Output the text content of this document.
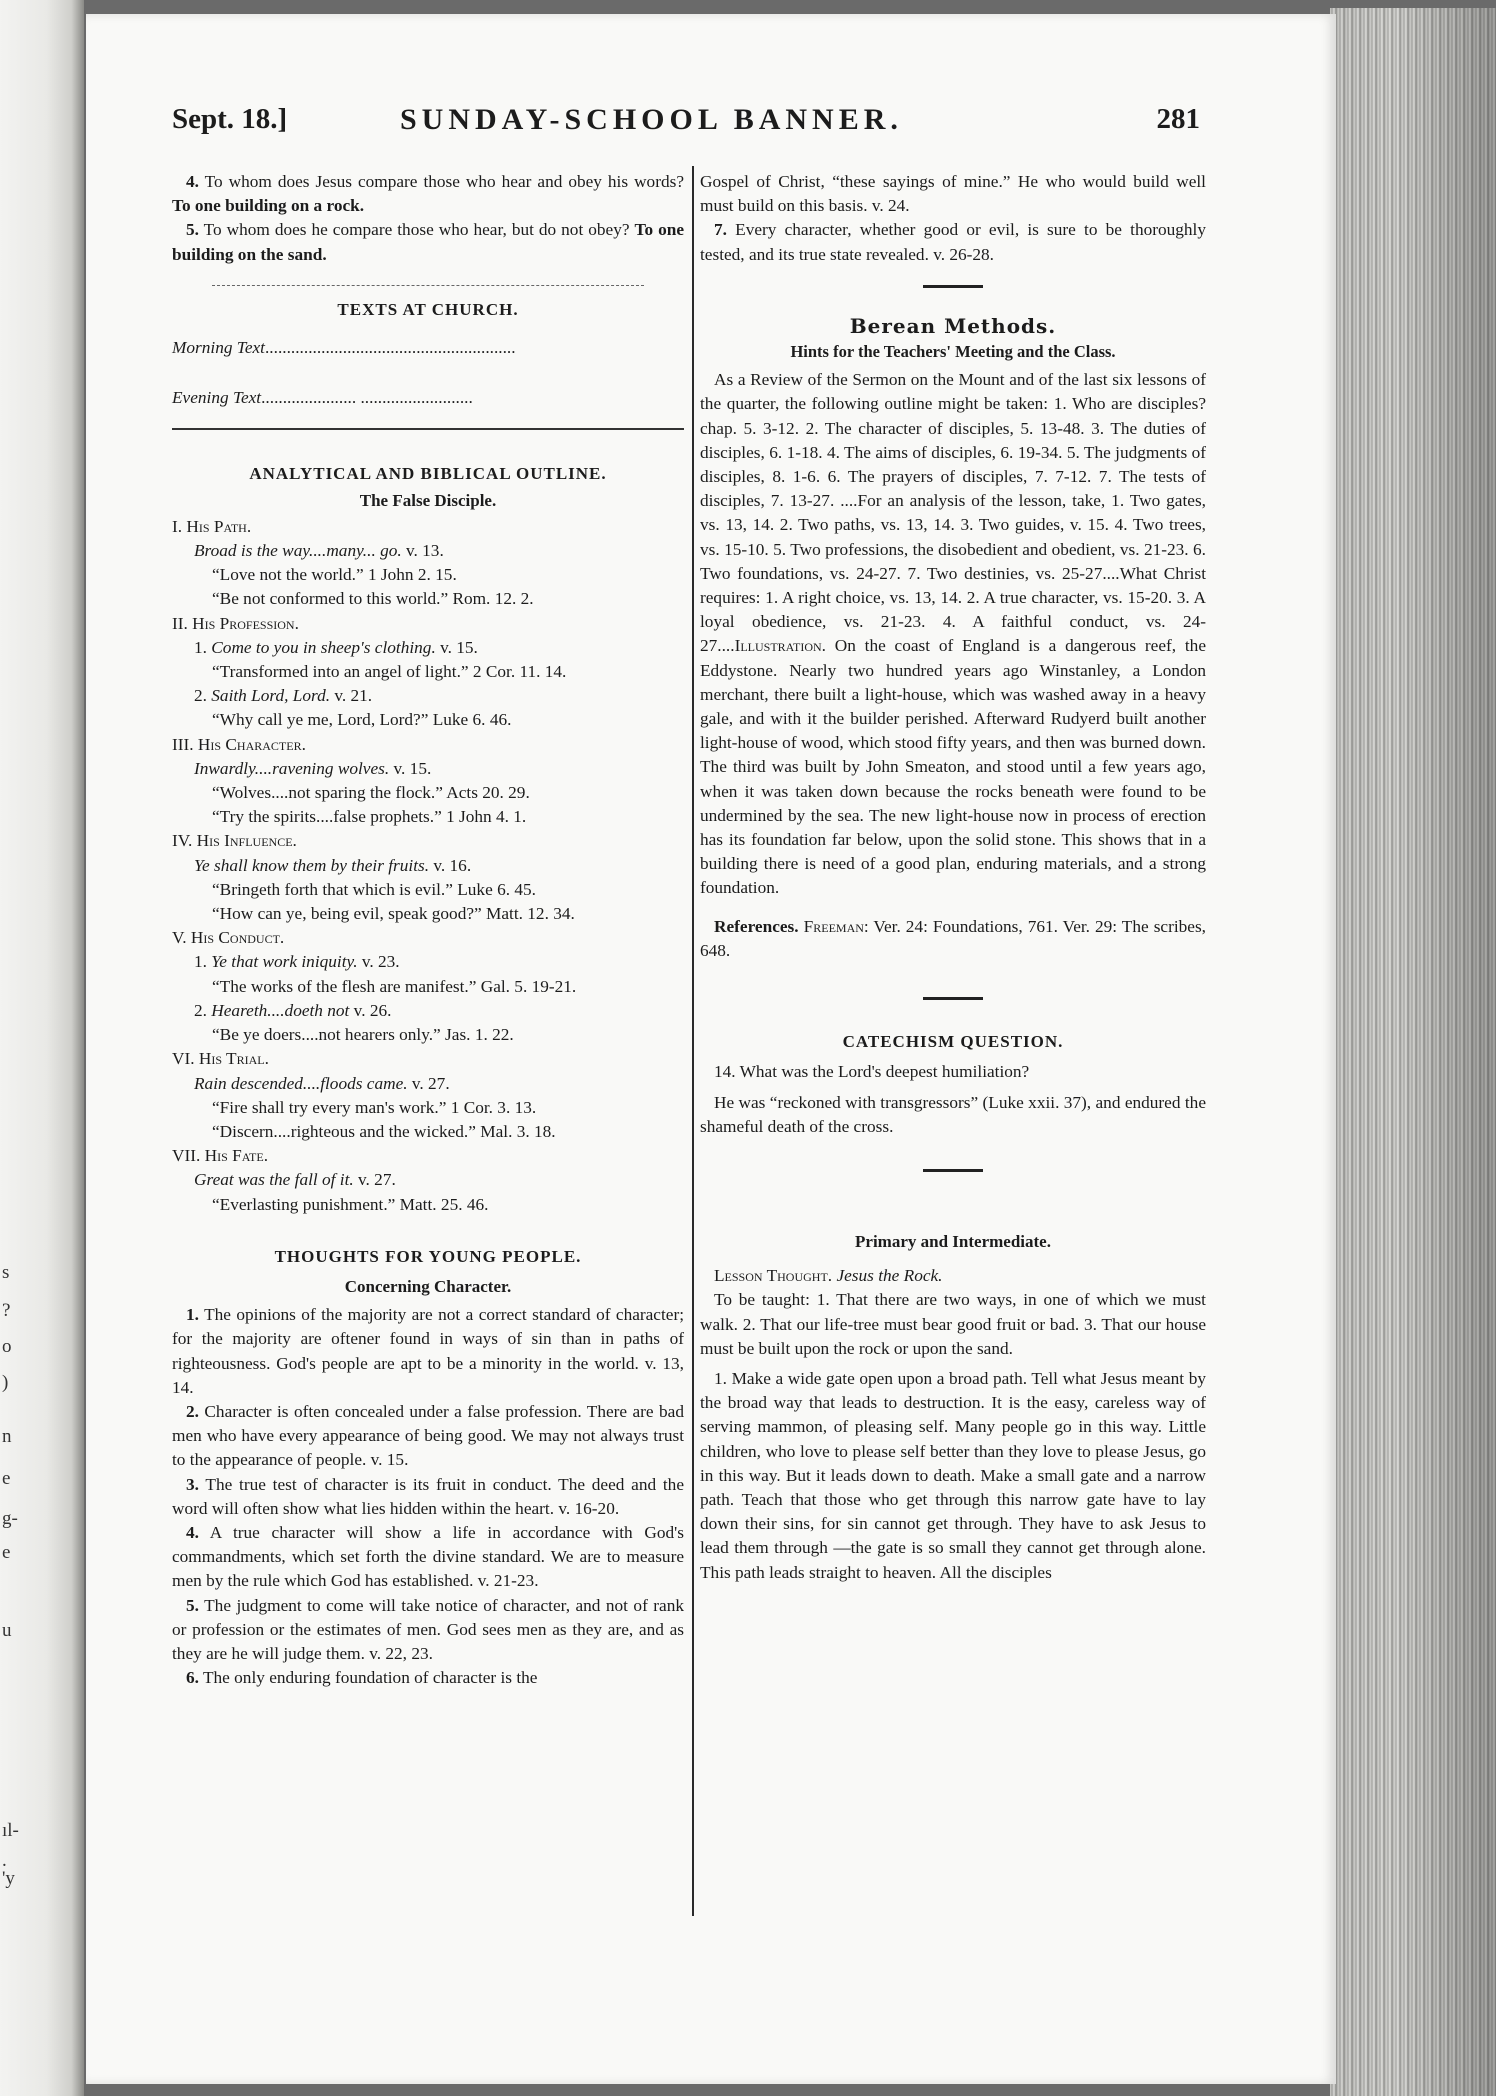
s
?
o
)
n
e
g-
e
u
ıl-
.
'y
Sept. 18.]	SUNDAY-SCHOOL BANNER.	281

4. To whom does Jesus compare those who hear and obey his words? To one building on a rock.

5. To whom does he compare those who hear, but do not obey? To one building on the sand.

TEXTS AT CHURCH.

Morning Text..........................................................

Evening Text...................... ..........................

ANALYTICAL AND BIBLICAL OUTLINE.

The False Disciple.

I. His Path.

Broad is the way....many... go. v. 13.

“Love not the world.” 1 John 2. 15.

“Be not conformed to this world.” Rom. 12. 2.

II. His Profession.

1. Come to you in sheep's clothing. v. 15.

“Transformed into an angel of light.” 2 Cor. 11. 14.

2. Saith Lord, Lord. v. 21.

“Why call ye me, Lord, Lord?” Luke 6. 46.

III. His Character.

Inwardly....ravening wolves. v. 15.

“Wolves....not sparing the flock.” Acts 20. 29.

“Try the spirits....false prophets.” 1 John 4. 1.

IV. His Influence.

Ye shall know them by their fruits. v. 16.

“Bringeth forth that which is evil.” Luke 6. 45.

“How can ye, being evil, speak good?” Matt. 12. 34.

V. His Conduct.

1. Ye that work iniquity. v. 23.

“The works of the flesh are manifest.” Gal. 5. 19-21.

2. Heareth....doeth not v. 26.

“Be ye doers....not hearers only.” Jas. 1. 22.

VI. His Trial.

Rain descended....floods came. v. 27.

“Fire shall try every man's work.” 1 Cor. 3. 13.

“Discern....righteous and the wicked.” Mal. 3. 18.

VII. His Fate.

Great was the fall of it. v. 27.

“Everlasting punishment.” Matt. 25. 46.

THOUGHTS FOR YOUNG PEOPLE.

Concerning Character.

1. The opinions of the majority are not a correct standard of character; for the majority are oftener found in ways of sin than in paths of righteousness. God's people are apt to be a minority in the world. v. 13, 14.

2. Character is often concealed under a false profession. There are bad men who have every appearance of being good. We may not always trust to the appearance of people. v. 15.

3. The true test of character is its fruit in conduct. The deed and the word will often show what lies hidden within the heart. v. 16-20.

4. A true character will show a life in accordance with God's commandments, which set forth the divine standard. We are to measure men by the rule which God has established. v. 21-23.

5. The judgment to come will take notice of character, and not of rank or profession or the estimates of men. God sees men as they are, and as they are he will judge them. v. 22, 23.

6. The only enduring foundation of character is the

Gospel of Christ, “these sayings of mine.” He who would build well must build on this basis. v. 24.

7. Every character, whether good or evil, is sure to be thoroughly tested, and its true state revealed. v. 26-28.

Berean Methods.

Hints for the Teachers' Meeting and the Class.

As a Review of the Sermon on the Mount and of the last six lessons of the quarter, the following outline might be taken: 1. Who are disciples? chap. 5. 3-12. 2. The character of disciples, 5. 13-48. 3. The duties of disciples, 6. 1-18. 4. The aims of disciples, 6. 19-34. 5. The judgments of disciples, 8. 1-6. 6. The prayers of disciples, 7. 7-12. 7. The tests of disciples, 7. 13-27. ....For an analysis of the lesson, take, 1. Two gates, vs. 13, 14. 2. Two paths, vs. 13, 14. 3. Two guides, v. 15. 4. Two trees, vs. 15-10. 5. Two professions, the disobedient and obedient, vs. 21-23. 6. Two foundations, vs. 24-27. 7. Two destinies, vs. 25-27....What Christ requires: 1. A right choice, vs. 13, 14. 2. A true character, vs. 15-20. 3. A loyal obedience, vs. 21-23. 4. A faithful conduct, vs. 24-27....Illustration. On the coast of England is a dangerous reef, the Eddystone. Nearly two hundred years ago Winstanley, a London merchant, there built a light-house, which was washed away in a heavy gale, and with it the builder perished. Afterward Rudyerd built another light-house of wood, which stood fifty years, and then was burned down. The third was built by John Smeaton, and stood until a few years ago, when it was taken down because the rocks beneath were found to be undermined by the sea. The new light-house now in process of erection has its foundation far below, upon the solid stone. This shows that in a building there is need of a good plan, enduring materials, and a strong foundation.

References. Freeman: Ver. 24: Foundations, 761. Ver. 29: The scribes, 648.

CATECHISM QUESTION.

14. What was the Lord's deepest humiliation?

He was “reckoned with transgressors” (Luke xxii. 37), and endured the shameful death of the cross.

Primary and Intermediate.

Lesson Thought. Jesus the Rock.

To be taught: 1. That there are two ways, in one of which we must walk. 2. That our life-tree must bear good fruit or bad. 3. That our house must be built upon the rock or upon the sand.

1. Make a wide gate open upon a broad path. Tell what Jesus meant by the broad way that leads to destruction. It is the easy, careless way of serving mammon, of pleasing self. Many people go in this way. Little children, who love to please self better than they love to please Jesus, go in this way. But it leads down to death. Make a small gate and a narrow path. Teach that those who get through this narrow gate have to lay down their sins, for sin cannot get through. They have to ask Jesus to lead them through —the gate is so small they cannot get through alone. This path leads straight to heaven. All the disciples
